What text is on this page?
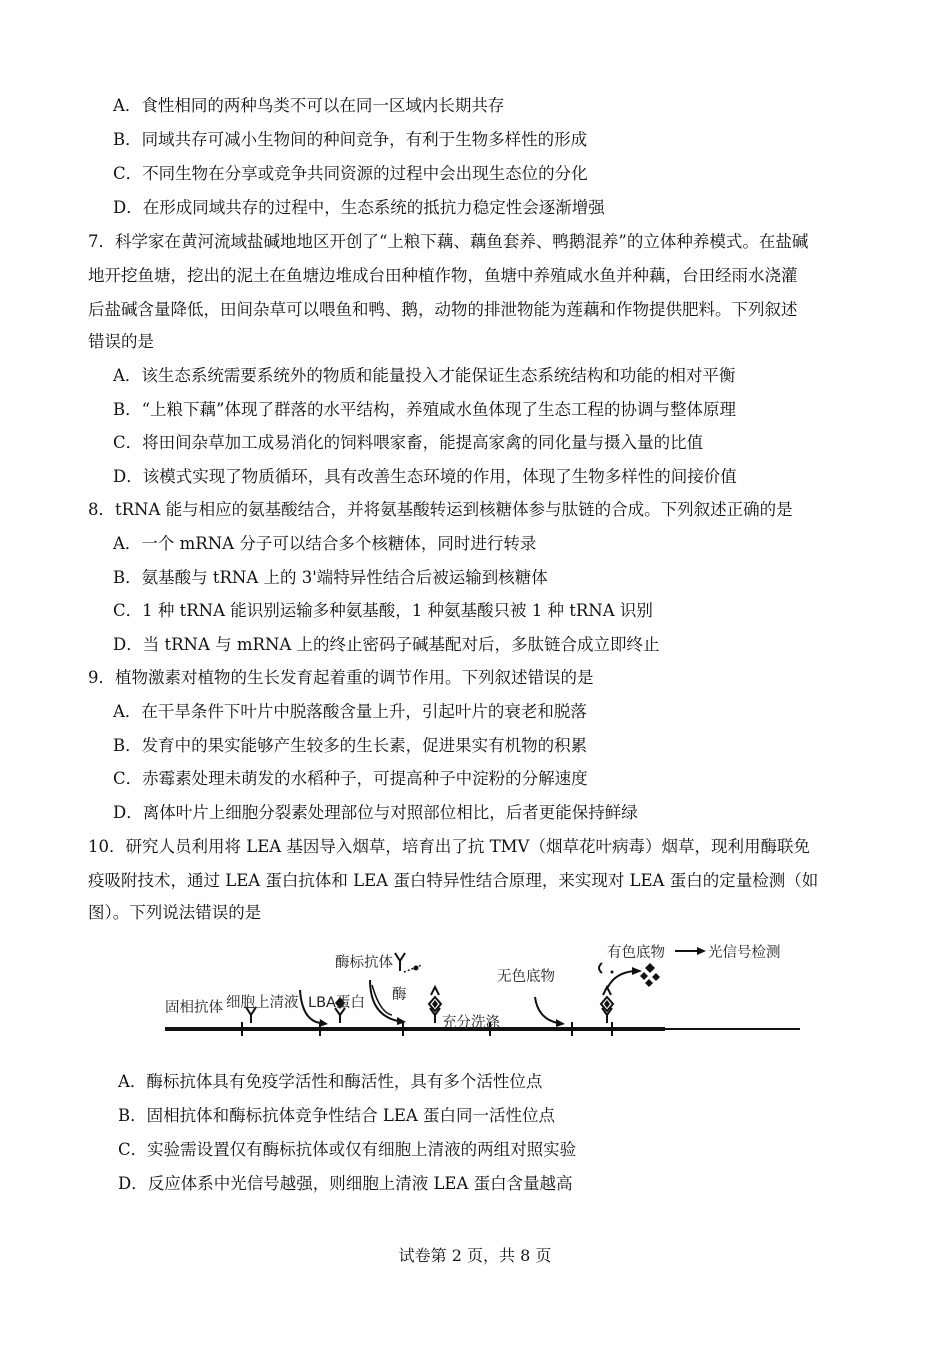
A．食性相同的两种鸟类不可以在同一区域内长期共存
B．同域共存可减小生物间的种间竞争，有利于生物多样性的形成
C．不同生物在分享或竞争共同资源的过程中会出现生态位的分化
D．在形成同域共存的过程中，生态系统的抵抗力稳定性会逐渐增强
7．科学家在黄河流域盐碱地地区开创了“上粮下藕、藕鱼套养、鸭鹅混养”的立体种养模式。在盐碱
地开挖鱼塘，挖出的泥土在鱼塘边堆成台田种植作物，鱼塘中养殖咸水鱼并种藕，台田经雨水浇灌
后盐碱含量降低，田间杂草可以喂鱼和鸭、鹅，动物的排泄物能为莲藕和作物提供肥料。下列叙述
错误的是
A．该生态系统需要系统外的物质和能量投入才能保证生态系统结构和功能的相对平衡
B．“上粮下藕”体现了群落的水平结构，养殖咸水鱼体现了生态工程的协调与整体原理
C．将田间杂草加工成易消化的饲料喂家畜，能提高家禽的同化量与摄入量的比值
D．该模式实现了物质循环，具有改善生态环境的作用，体现了生物多样性的间接价值
8．tRNA 能与相应的氨基酸结合，并将氨基酸转运到核糖体参与肽链的合成。下列叙述正确的是
A．一个 mRNA 分子可以结合多个核糖体，同时进行转录
B．氨基酸与 tRNA 上的 3'端特异性结合后被运输到核糖体
C．1 种 tRNA 能识别运输多种氨基酸，1 种氨基酸只被 1 种 tRNA 识别
D．当 tRNA 与 mRNA 上的终止密码子碱基配对后，多肽链合成立即终止
9．植物激素对植物的生长发育起着重的调节作用。下列叙述错误的是
A．在干旱条件下叶片中脱落酸含量上升，引起叶片的衰老和脱落
B．发育中的果实能够产生较多的生长素，促进果实有机物的积累
C．赤霉素处理未萌发的水稻种子，可提高种子中淀粉的分解速度
D．离体叶片上细胞分裂素处理部位与对照部位相比，后者更能保持鲜绿
10．研究人员利用将 LEA 基因导入烟草，培育出了抗 TMV（烟草花叶病毒）烟草，现利用酶联免
疫吸附技术，通过 LEA 蛋白抗体和 LEA 蛋白特异性结合原理，来实现对 LEA 蛋白的定量检测（如
图）。下列说法错误的是
固相抗体 细胞上清液 LBA蛋白
酶标抗体
酶
充分洗涤
无色底物
有色底物	光信号检测
A．酶标抗体具有免疫学活性和酶活性，具有多个活性位点
B．固相抗体和酶标抗体竞争性结合 LEA 蛋白同一活性位点
C．实验需设置仅有酶标抗体或仅有细胞上清液的两组对照实验
D．反应体系中光信号越强，则细胞上清液 LEA 蛋白含量越高
试卷第 2 页，共 8 页
